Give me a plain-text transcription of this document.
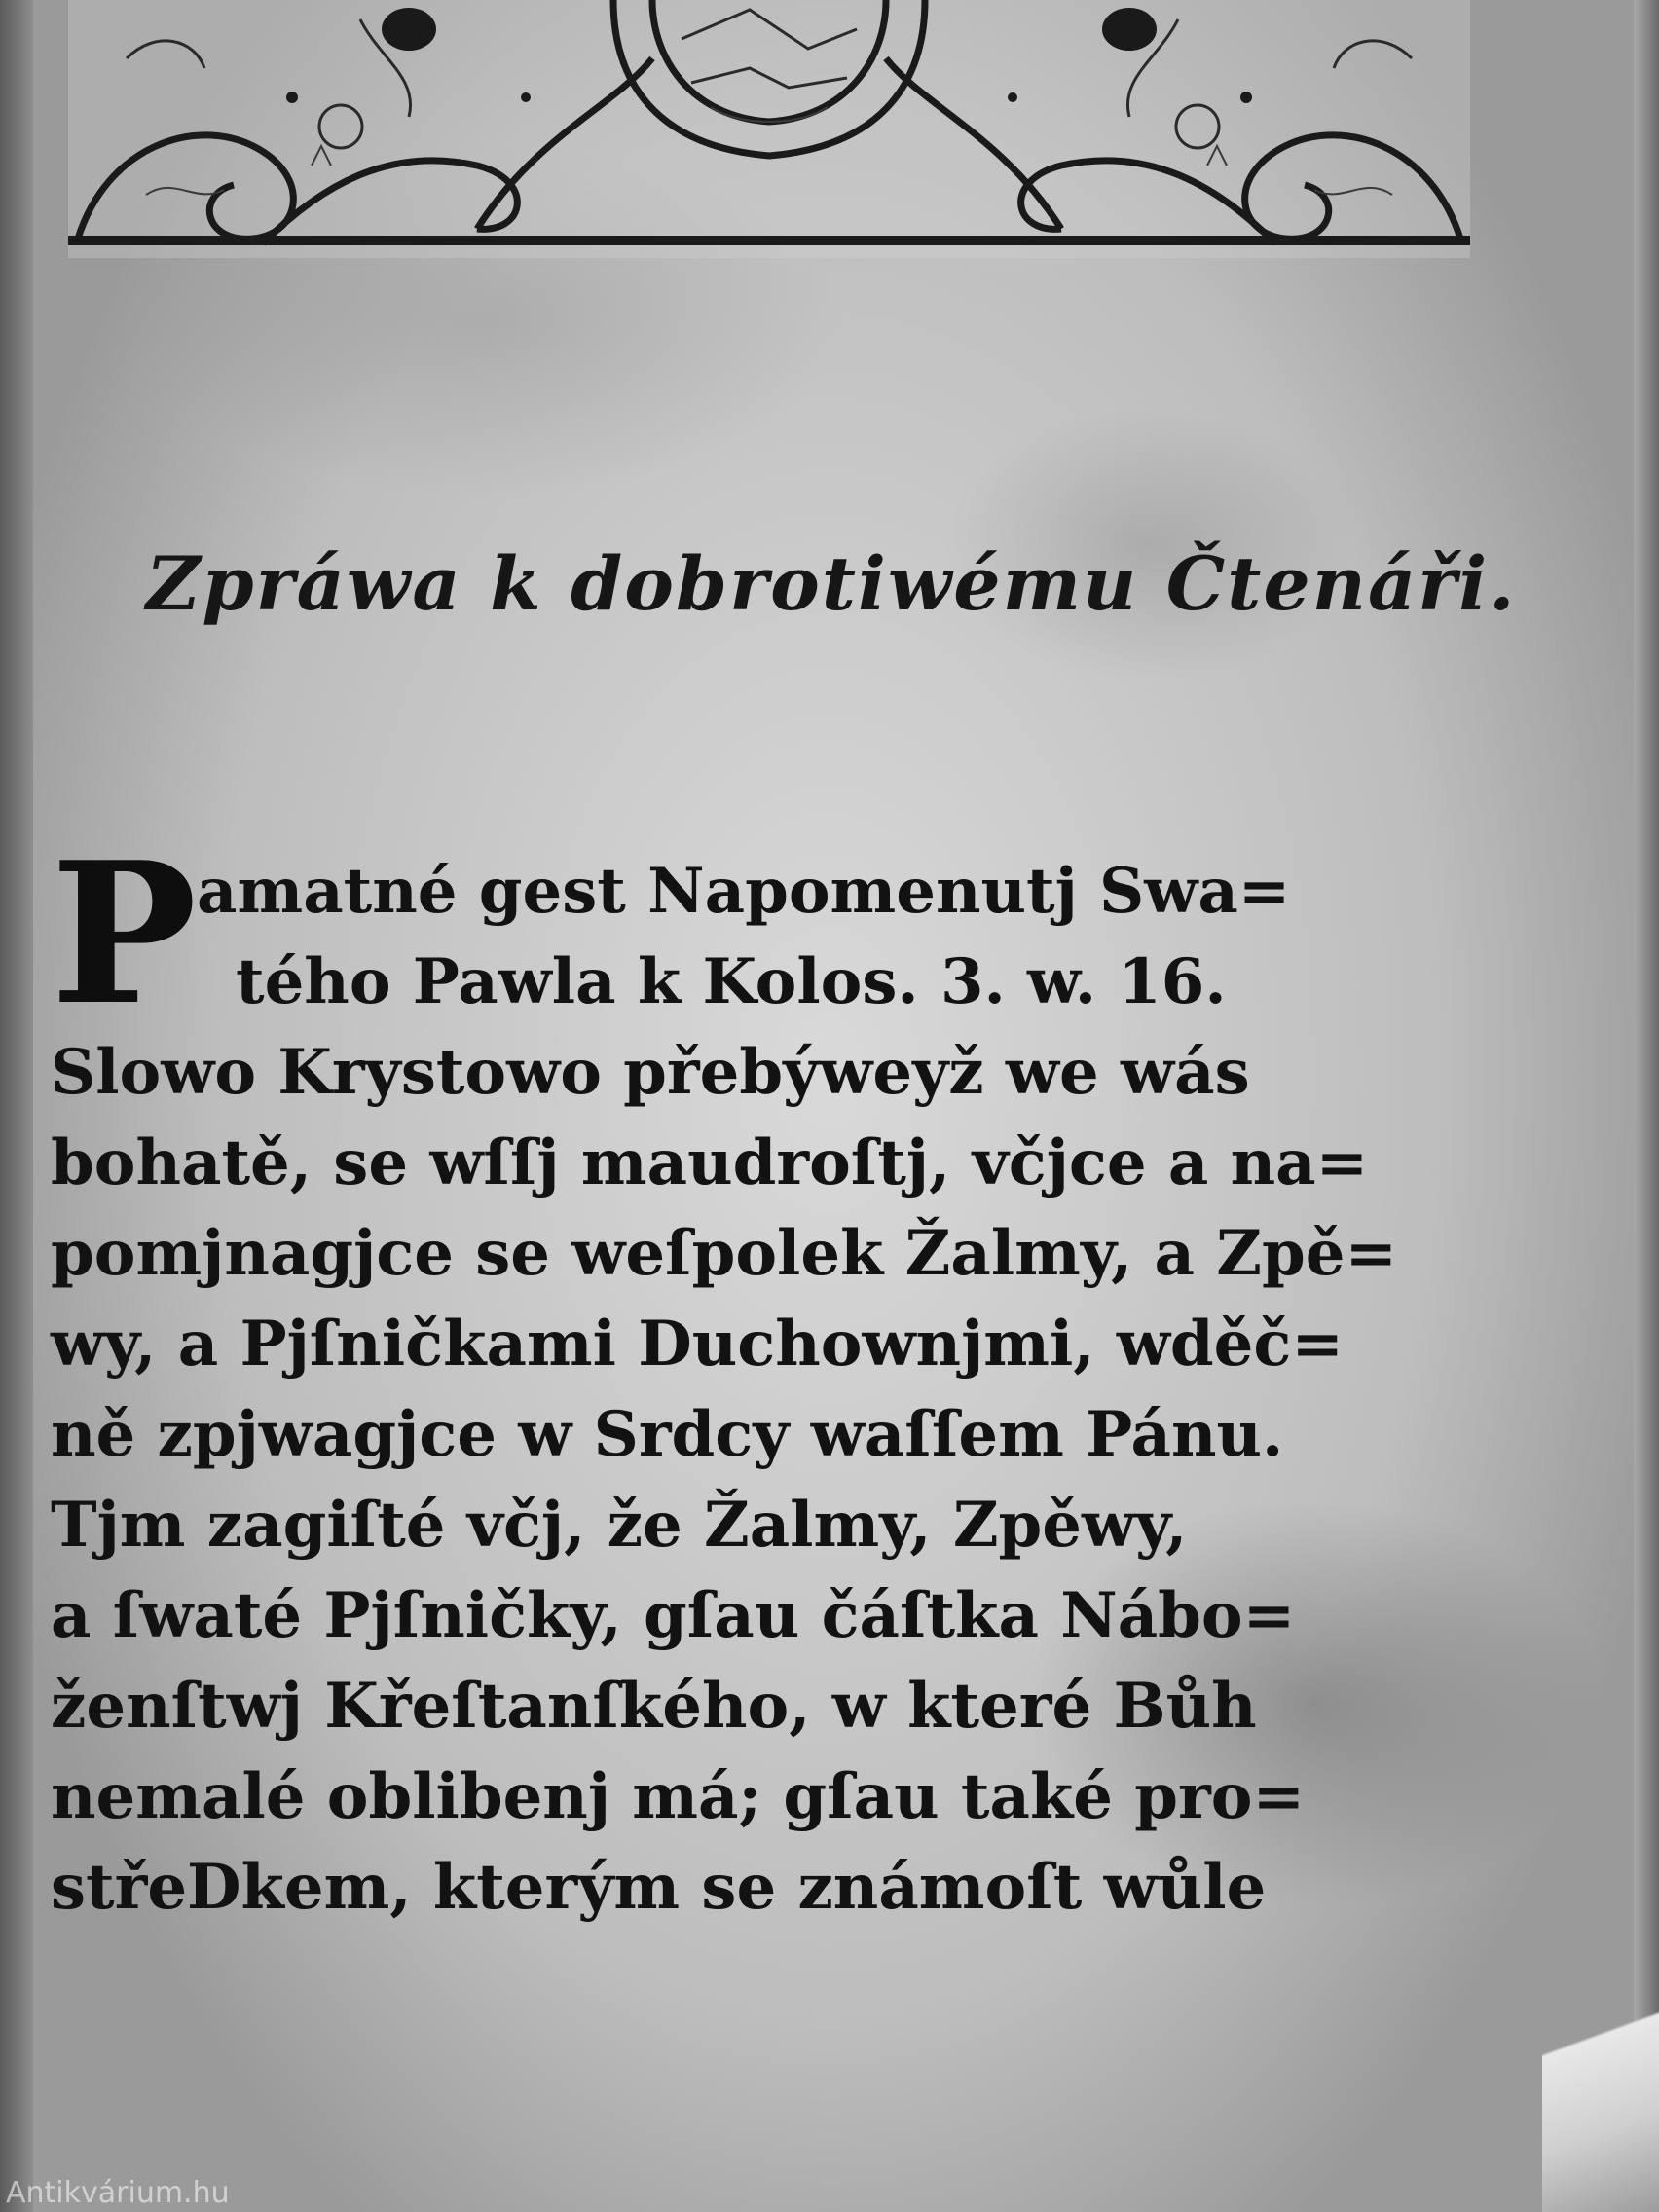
Zpráwa k dobrotiwému Čtenáři.
P amatné gest Napomenutj Swa=
tého Pawla k Kolos. 3. w. 16.
Slowo Krystowo přebýweyž we wás
bohatě, se wſſj maudroſtj, včjce a na=
pomjnagjce se weſpolek Žalmy, a Zpě=
wy, a Pjſničkami Duchownjmi, wděč=
ně zpjwagjce w Srdcy waſſem Pánu.
Tjm zagiſté včj, že Žalmy, Zpěwy,
a ſwaté Pjſničky, gſau čáſtka Nábo=
ženſtwj Křeſtanſkého, w které Bůh
nemalé oblibenj má; gſau také pro=
střeDkem, kterým se známoſt wůle
Antikvárium.hu
